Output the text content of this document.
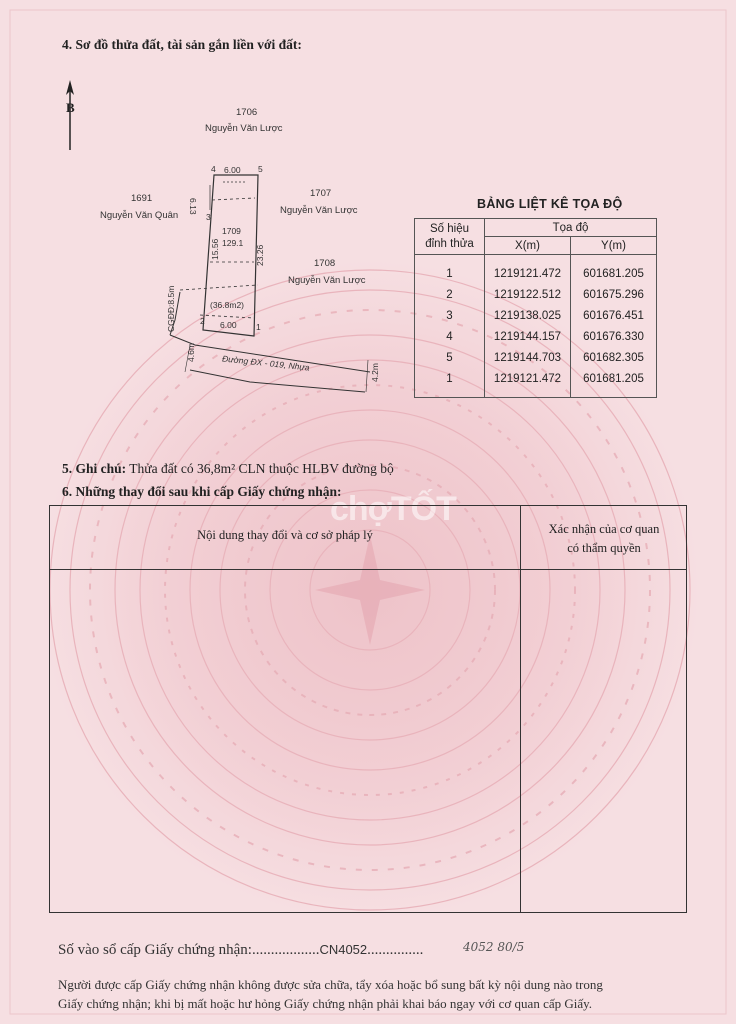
4. Sơ đồ thửa đất, tài sản gắn liền với đất:
B	1706
Nguyễn Văn Lược
1691
Nguyễn Văn Quân
1707
Nguyễn Văn Lược
1708
Nguyễn Văn Lược
1709
129.1
(36.8m2)
1
2
3
4	5
6.00
6.00
6.13
15.56	23.26
Đường ĐX - 019, Nhựa
4.6m
4.2m
CGĐĐ:8.5m
BẢNG LIỆT KÊ TỌA ĐỘ
Số hiệu
đỉnh thửa	Tọa độ	
	X(m)	Y(m)
1	1219121.472	601681.205
2	1219122.512	601675.296
3	1219138.025	601676.451
4	1219144.157	601676.330
5	1219144.703	601682.305
1	1219121.472	601681.205
5. Ghi chú: Thửa đất có 36,8m² CLN thuộc HLBV đường bộ
6. Những thay đổi sau khi cấp Giấy chứng nhận:
chợTỐT
Nội dung thay đổi và cơ sở pháp lý	Xác nhận của cơ quan
có thẩm quyền
Số vào sổ cấp Giấy chứng nhận:..................CN4052...............	4052 80/5
Người được cấp Giấy chứng nhận không được sửa chữa, tẩy xóa hoặc bổ sung bất kỳ nội dung nào trong
Giấy chứng nhận; khi bị mất hoặc hư hỏng Giấy chứng nhận phải khai báo ngay với cơ quan cấp Giấy.
